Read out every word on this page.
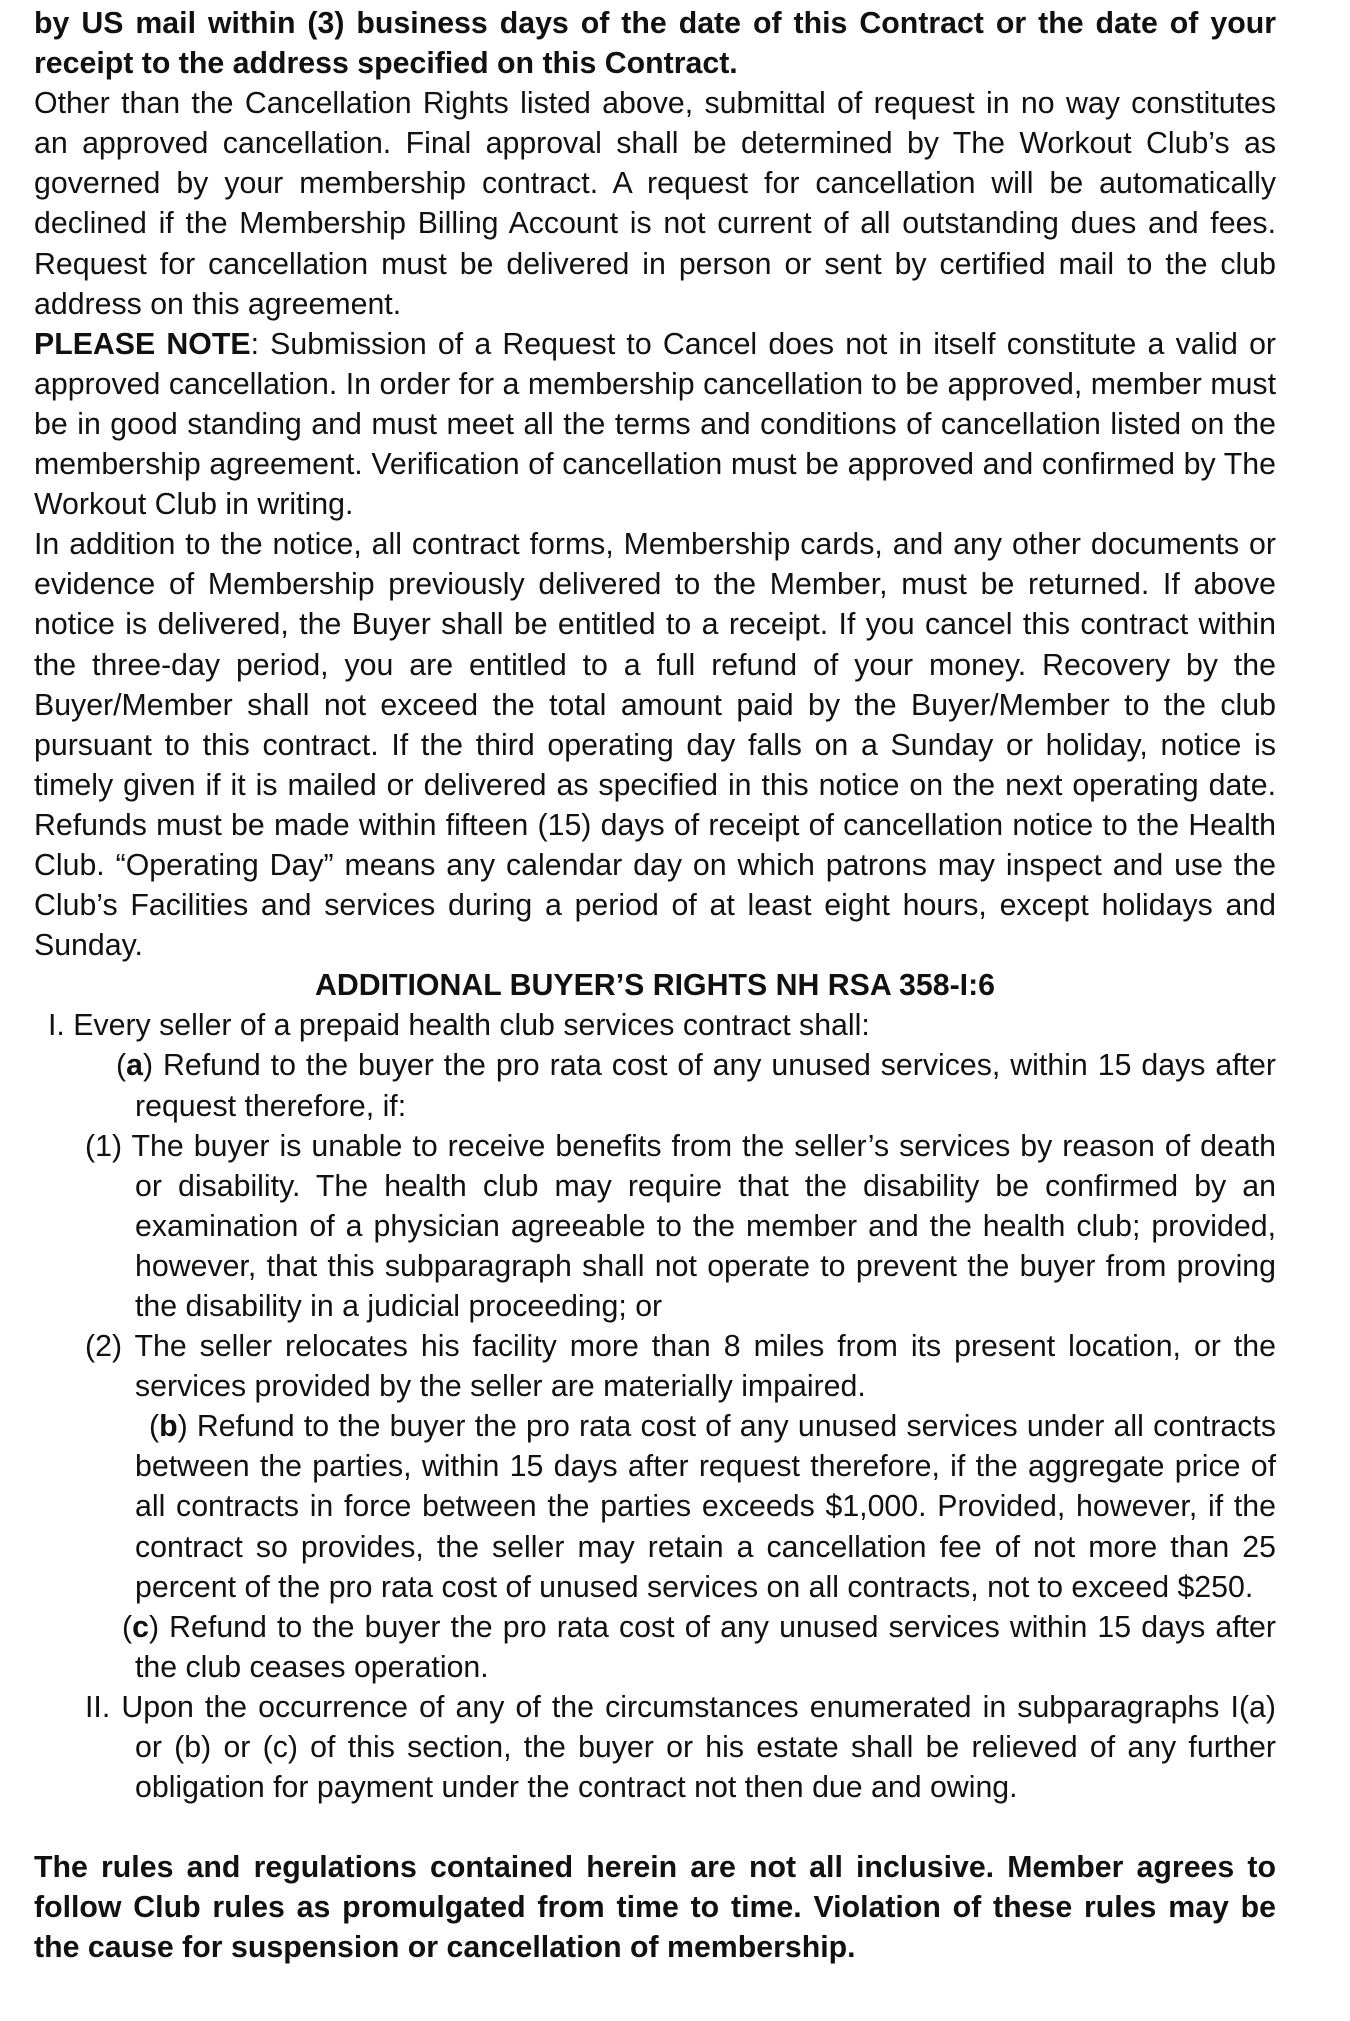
by US mail within (3) business days of the date of this Contract or the date of your receipt to the address specified on this Contract.

Other than the Cancellation Rights listed above, submittal of request in no way constitutes an approved cancellation. Final approval shall be determined by The Workout Club’s as governed by your membership contract. A request for cancellation will be automatically declined if the Membership Billing Account is not current of all outstanding dues and fees. Request for cancellation must be delivered in person or sent by certified mail to the club address on this agreement.

PLEASE NOTE: Submission of a Request to Cancel does not in itself constitute a valid or approved cancellation. In order for a membership cancellation to be approved, member must be in good standing and must meet all the terms and conditions of cancellation listed on the membership agreement. Verification of cancellation must be approved and confirmed by The Workout Club in writing.

In addition to the notice, all contract forms, Membership cards, and any other documents or evidence of Membership previously delivered to the Member, must be returned. If above notice is delivered, the Buyer shall be entitled to a receipt. If you cancel this contract within the three-day period, you are entitled to a full refund of your money. Recovery by the Buyer/Member shall not exceed the total amount paid by the Buyer/Member to the club pursuant to this contract. If the third operating day falls on a Sunday or holiday, notice is timely given if it is mailed or delivered as specified in this notice on the next operating date. Refunds must be made within fifteen (15) days of receipt of cancellation notice to the Health Club. “Operating Day” means any calendar day on which patrons may inspect and use the Club’s Facilities and services during a period of at least eight hours, except holidays and Sunday.

ADDITIONAL BUYER’S RIGHTS NH RSA 358-I:6

I. Every seller of a prepaid health club services contract shall:

(a) Refund to the buyer the pro rata cost of any unused services, within 15 days after request therefore, if:

(1) The buyer is unable to receive benefits from the seller’s services by reason of death or disability. The health club may require that the disability be confirmed by an examination of a physician agreeable to the member and the health club; provided, however, that this subparagraph shall not operate to prevent the buyer from proving the disability in a judicial proceeding; or

(2) The seller relocates his facility more than 8 miles from its present location, or the services provided by the seller are materially impaired.

(b) Refund to the buyer the pro rata cost of any unused services under all contracts between the parties, within 15 days after request therefore, if the aggregate price of all contracts in force between the parties exceeds $1,000. Provided, however, if the contract so provides, the seller may retain a cancellation fee of not more than 25 percent of the pro rata cost of unused services on all contracts, not to exceed $250.

(c) Refund to the buyer the pro rata cost of any unused services within 15 days after the club ceases operation.

II. Upon the occurrence of any of the circumstances enumerated in subparagraphs I(a) or (b) or (c) of this section, the buyer or his estate shall be relieved of any further obligation for payment under the contract not then due and owing.

The rules and regulations contained herein are not all inclusive. Member agrees to follow Club rules as promulgated from time to time. Violation of these rules may be the cause for suspension or cancellation of membership.
